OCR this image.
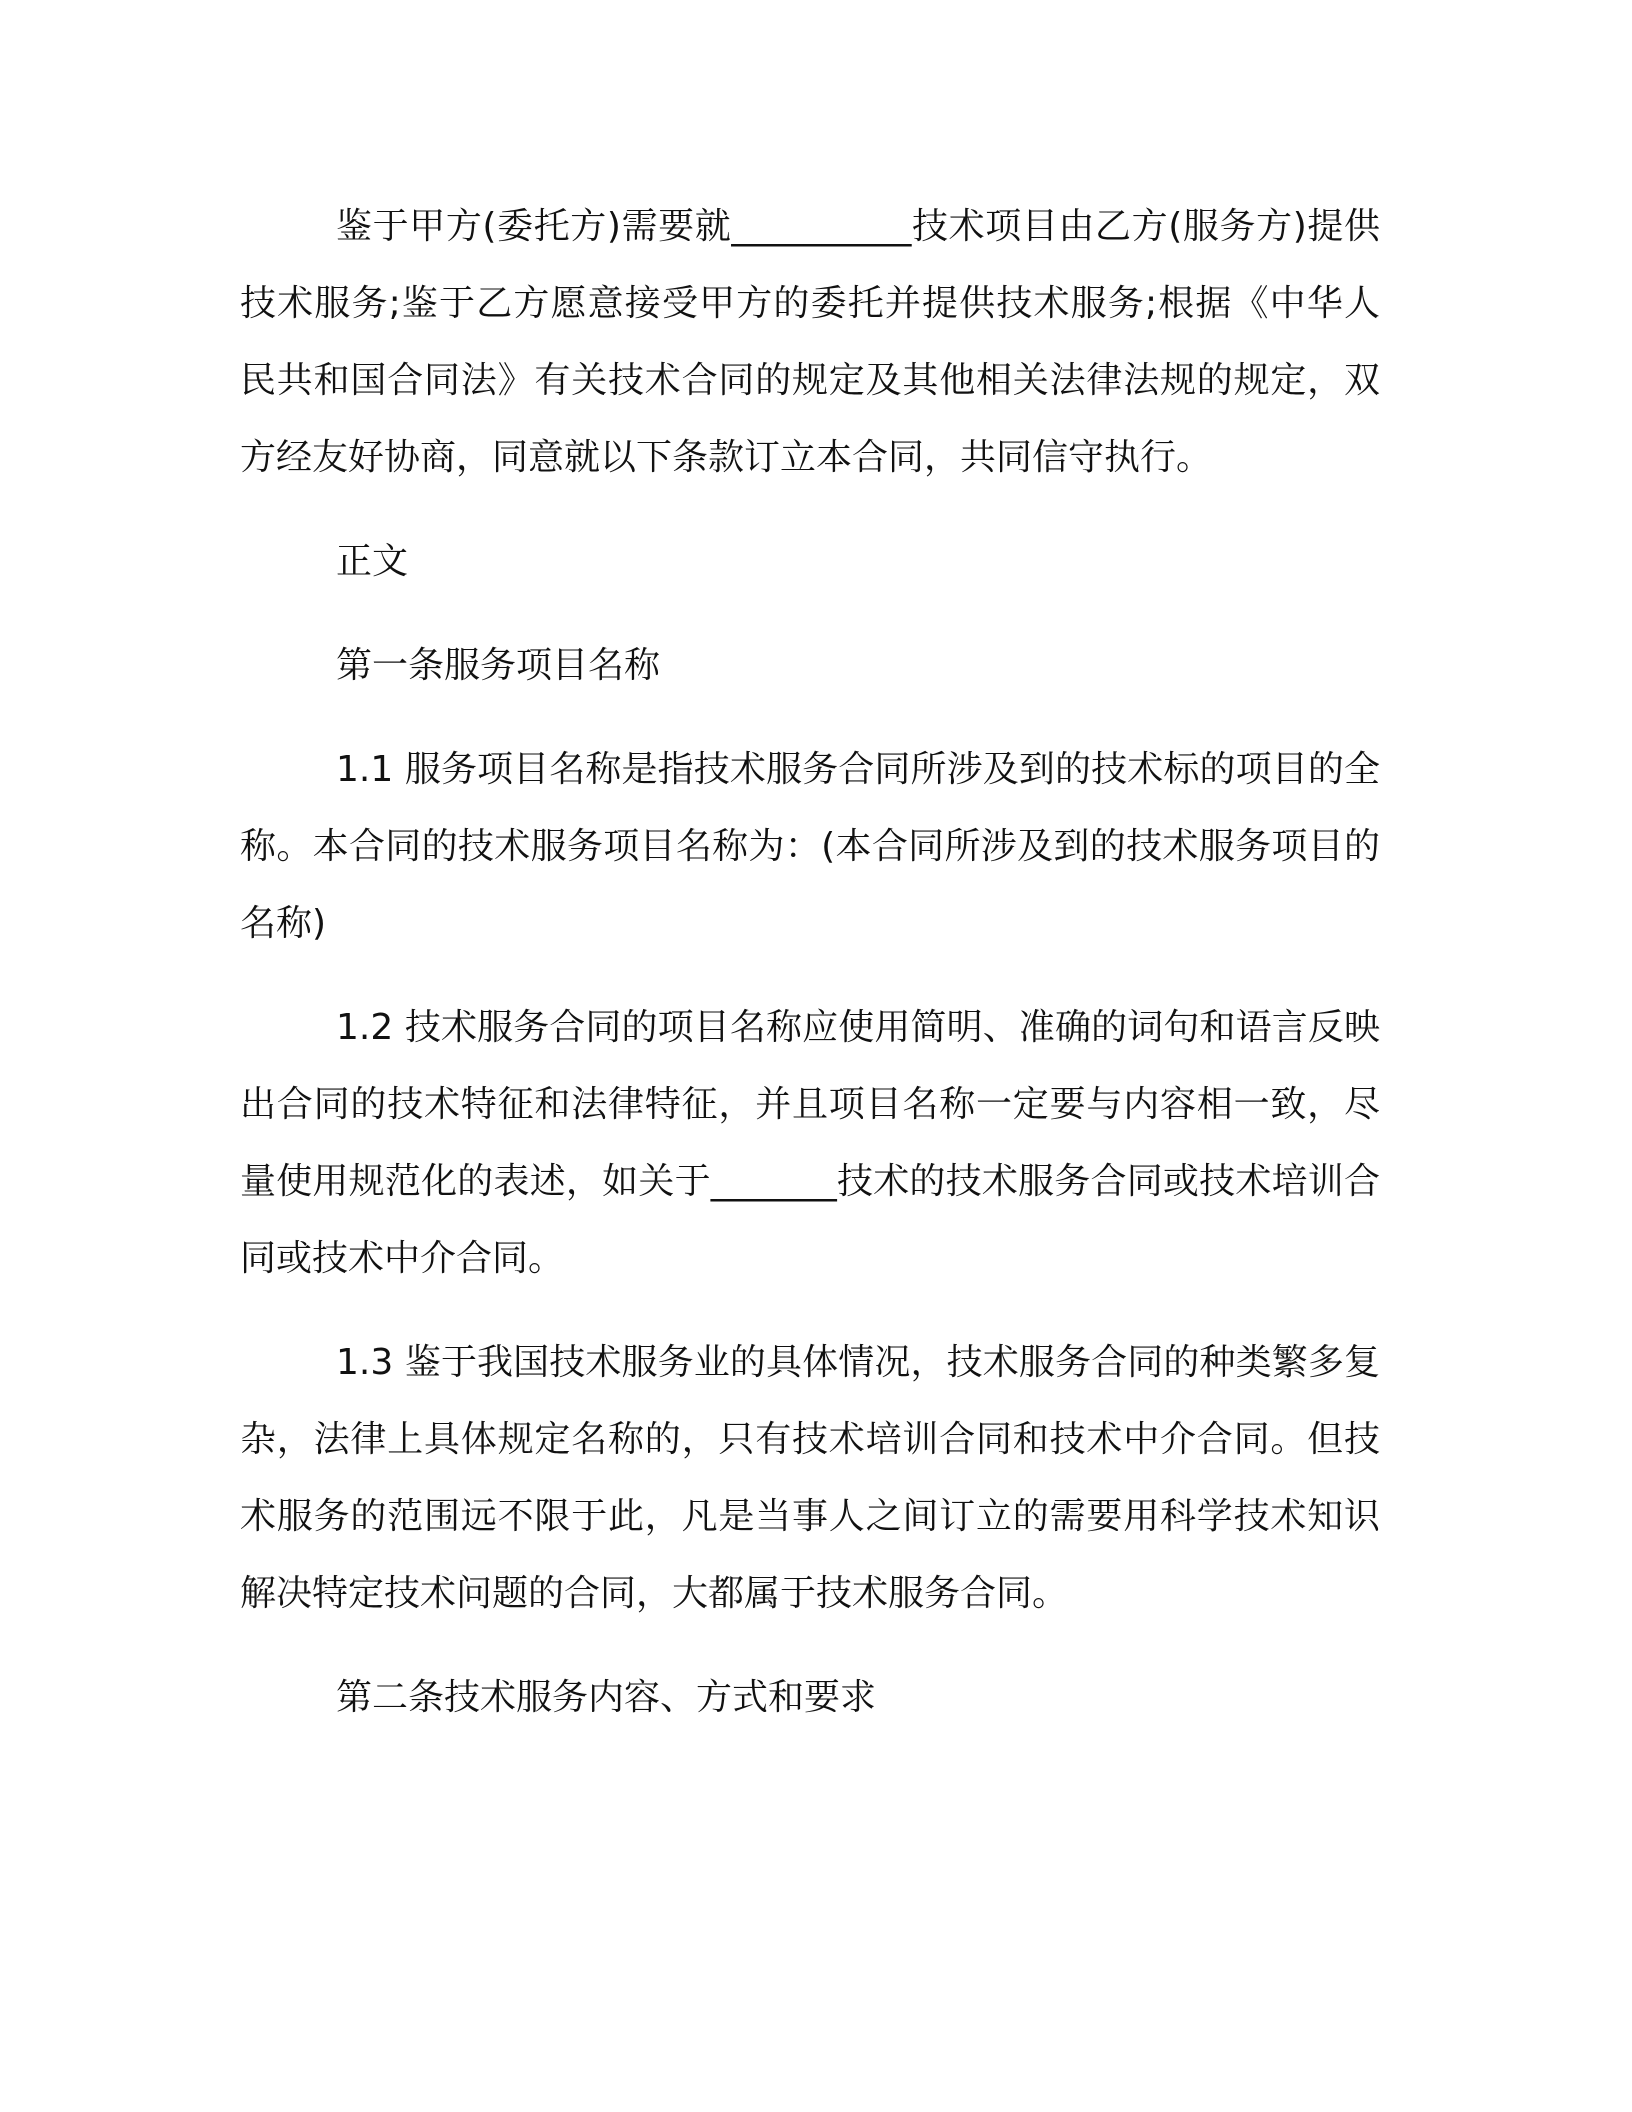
鉴于甲方(委托方)需要就__________技术项目由乙方(服务方)提供技术服务;鉴于乙方愿意接受甲方的委托并提供技术服务;根据《中华人民共和国合同法》有关技术合同的规定及其他相关法律法规的规定，双方经友好协商，同意就以下条款订立本合同，共同信守执行。

正文

第一条服务项目名称

1.1 服务项目名称是指技术服务合同所涉及到的技术标的项目的全称。本合同的技术服务项目名称为：(本合同所涉及到的技术服务项目的名称)

1.2 技术服务合同的项目名称应使用简明、准确的词句和语言反映出合同的技术特征和法律特征，并且项目名称一定要与内容相一致，尽量使用规范化的表述，如关于_______技术的技术服务合同或技术培训合同或技术中介合同。

1.3 鉴于我国技术服务业的具体情况，技术服务合同的种类繁多复杂，法律上具体规定名称的，只有技术培训合同和技术中介合同。但技术服务的范围远不限于此，凡是当事人之间订立的需要用科学技术知识解决特定技术问题的合同，大都属于技术服务合同。

第二条技术服务内容、方式和要求
